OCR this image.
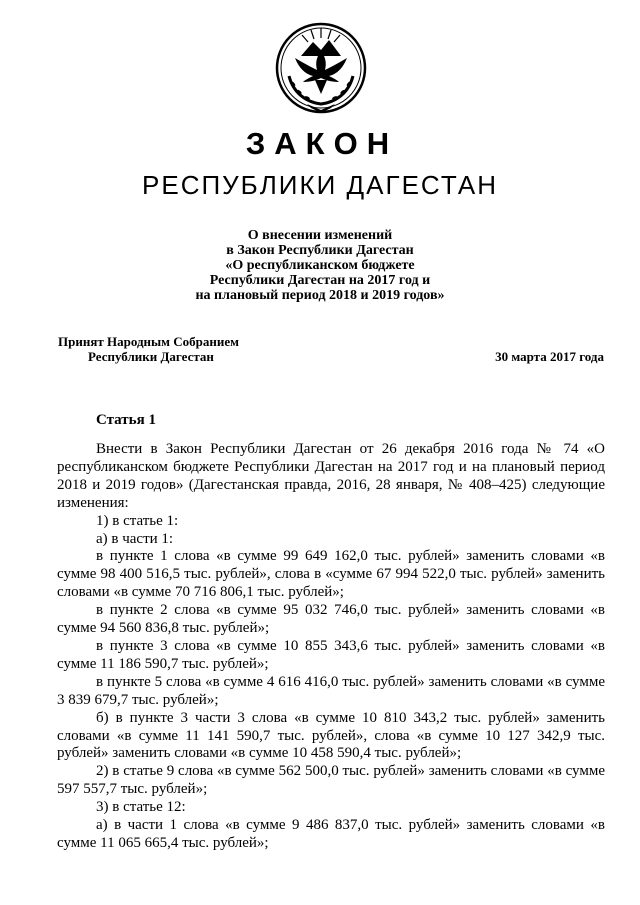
ЗАКОН
РЕСПУБЛИКИ ДАГЕСТАН
О внесении изменений
в Закон Республики Дагестан
«О республиканском бюджете
Республики Дагестан на 2017 год и
на плановый период 2018 и 2019 годов»
Принят Народным Собранием
Республики Дагестан	30 марта 2017 года
Статья 1

Внести в Закон Республики Дагестан от 26 декабря 2016 года № 74 «О республиканском бюджете Республики Дагестан на 2017 год и на плановый период 2018 и 2019 годов» (Дагестанская правда, 2016, 28 января, № 408–425) следующие изменения:

1) в статье 1:

а) в части 1:

в пункте 1 слова «в сумме 99 649 162,0 тыс. рублей» заменить словами «в сумме 98 400 516,5 тыс. рублей», слова в «сумме 67 994 522,0 тыс. рублей» заменить словами «в сумме 70 716 806,1 тыс. рублей»;

в пункте 2 слова «в сумме 95 032 746,0 тыс. рублей» заменить словами «в сумме 94 560 836,8 тыс. рублей»;

в пункте 3 слова «в сумме 10 855 343,6 тыс. рублей» заменить словами «в сумме 11 186 590,7 тыс. рублей»;

в пункте 5 слова «в сумме 4 616 416,0 тыс. рублей» заменить словами «в сумме 3 839 679,7 тыс. рублей»;

б) в пункте 3 части 3 слова «в сумме 10 810 343,2 тыс. рублей» заменить словами «в сумме 11 141 590,7 тыс. рублей», слова «в сумме 10 127 342,9 тыс. рублей» заменить словами «в сумме 10 458 590,4 тыс. рублей»;

2) в статье 9 слова «в сумме 562 500,0 тыс. рублей» заменить словами «в сумме 597 557,7 тыс. рублей»;

3) в статье 12:

а) в части 1 слова «в сумме 9 486 837,0 тыс. рублей» заменить словами «в сумме 11 065 665,4 тыс. рублей»;
